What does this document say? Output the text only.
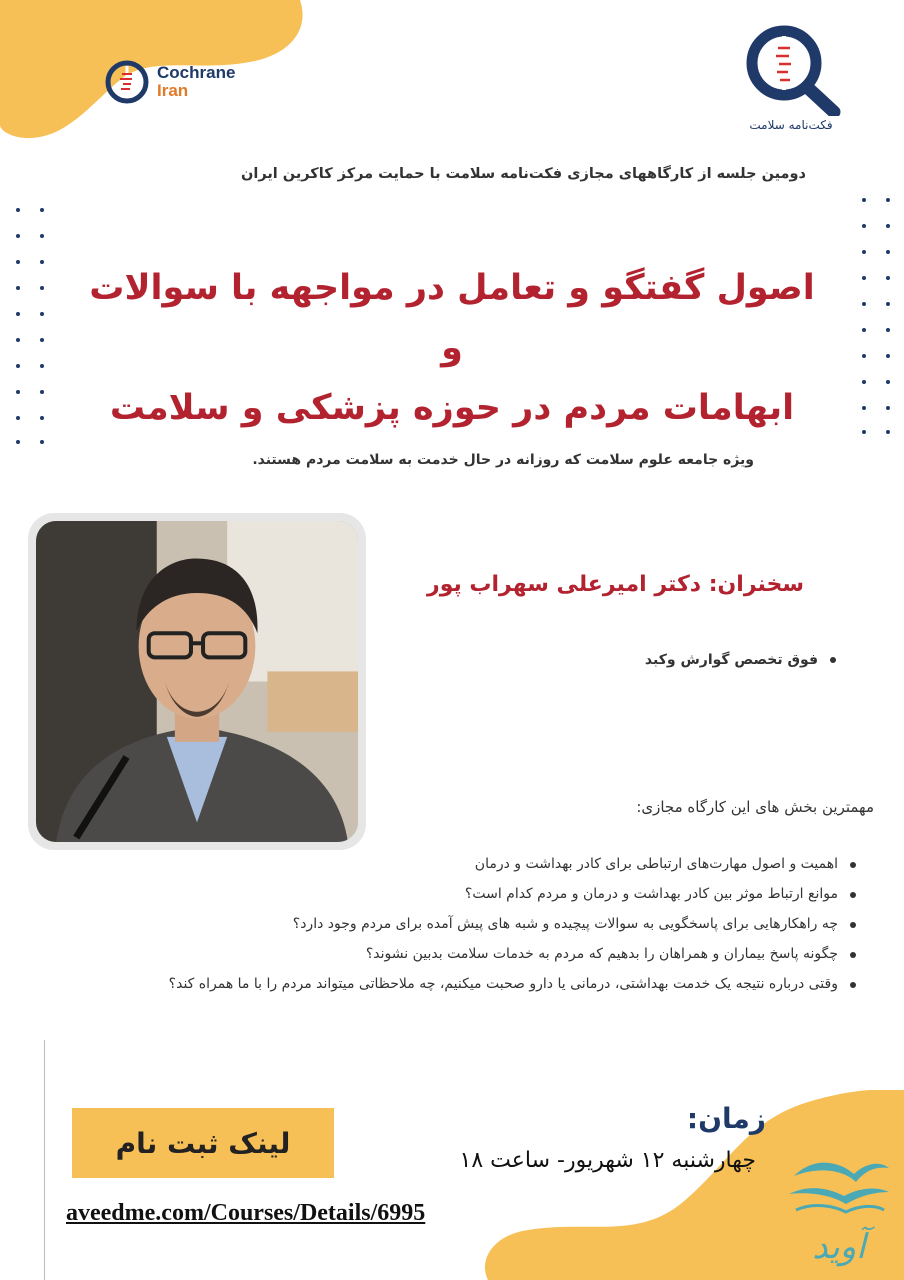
Cochrane
Iran
فکت‌نامه سلامت
دومین جلسه از کارگاههای مجازی فکت‌نامه سلامت با حمایت مرکز کاکرین ایران
اصول گفتگو و تعامل در مواجهه با سوالات و
ابهامات مردم در حوزه پزشکی و سلامت
ویژه جامعه علوم سلامت که روزانه در حال خدمت به سلامت مردم هستند.
سخنران: دکتر امیرعلی سهراب پور
فوق تخصص گوارش وکبد
مهمترین بخش های این کارگاه مجازی:
اهمیت و اصول مهارت‌های ارتباطی برای کادر بهداشت و درمان
موانع ارتباط موثر بین کادر بهداشت و درمان و مردم کدام است؟
چه راهکارهایی برای پاسخگویی به سوالات پیچیده و شبه های پیش آمده برای مردم وجود دارد؟
چگونه پاسخ بیماران و همراهان را بدهیم که مردم به خدمات سلامت بدبین نشوند؟
وقتی درباره نتیجه یک خدمت بهداشتی، درمانی یا دارو صحبت میکنیم، چه ملاحظاتی میتواند مردم را با ما همراه کند؟
لینک ثبت نام
aveedme.com/Courses/Details/6995
زمان:
چهارشنبه ۱۲ شهریور- ساعت ۱۸
آوید
